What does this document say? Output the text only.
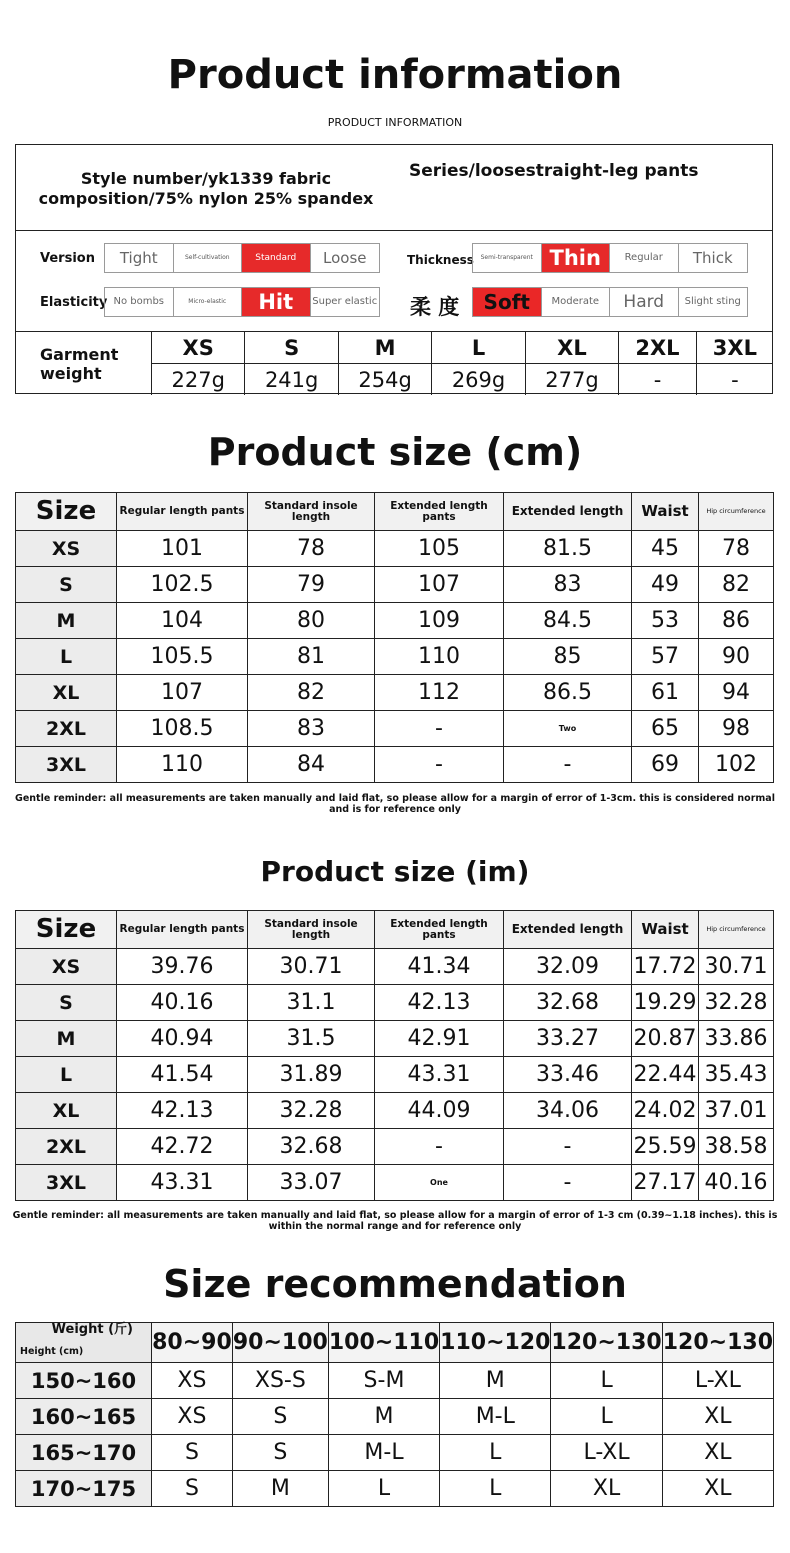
Product information
PRODUCT INFORMATION
Style number/yk1339 fabric
composition/75% nylon 25% spandex
Series/loosestraight-leg pants
Version	Tight	Self-cultivation	Standard	Loose	Thickness	Semi-transparent Thin	Regular	Thick
Elasticity No bombs	Micro-elastic	Hit	Super elastic 柔 度	Soft	Moderate	Hard	Slight sting
Garment weight	XS	S	M	L	XL	2XL	3XL
	227g	241g	254g	269g	277g	-	-
Product size (cm)
Size	Regular length pants	Standard insole length	Extended length pants	Extended length	Waist	Hip circumference
XS	101	78	105	81.5	45	78
S	102.5	79	107	83	49	82
M	104	80	109	84.5	53	86
L	105.5	81	110	85	57	90
XL	107	82	112	86.5	61	94
2XL	108.5	83	-	Two	65	98
3XL	110	84	-	-	69	102
Gentle reminder: all measurements are taken manually and laid flat, so please allow for a margin of error of 1-3cm. this is considered normal and is for reference only
Product size (im)
Size	Regular length pants	Standard insole length	Extended length pants	Extended length	Waist	Hip circumference
XS	39.76	30.71	41.34	32.09	17.72	30.71
S	40.16	31.1	42.13	32.68	19.29	32.28
M	40.94	31.5	42.91	33.27	20.87	33.86
L	41.54	31.89	43.31	33.46	22.44	35.43
XL	42.13	32.28	44.09	34.06	24.02	37.01
2XL	42.72	32.68	-	-	25.59	38.58
3XL	43.31	33.07	One	-	27.17	40.16
Gentle reminder: all measurements are taken manually and laid flat, so please allow for a margin of error of 1-3 cm (0.39~1.18 inches). this is within the normal range and for reference only
Size recommendation
Weight (斤)
Height (cm)	80~90	90~100	100~110	110~120	120~130	120~130
150~160	XS	XS-S	S-M	M	L	L-XL
160~165	XS	S	M	M-L	L	XL
165~170	S	S	M-L	L	L-XL	XL
170~175	S	M	L	L	XL	XL
